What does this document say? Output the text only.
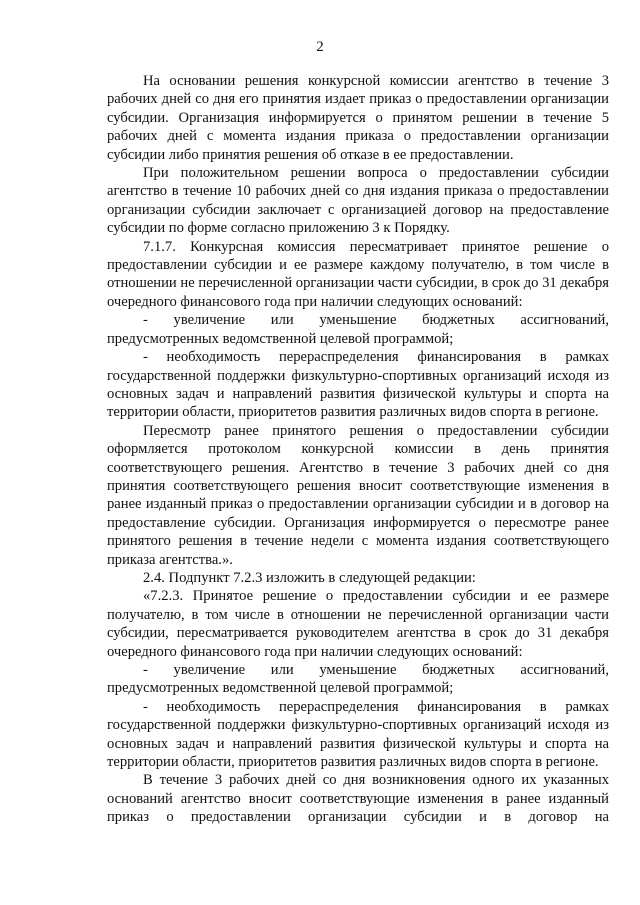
2

На основании решения конкурсной комиссии агентство в течение 3 рабочих дней со дня его принятия издает приказ о предоставлении организации субсидии. Организация информируется о принятом решении в течение 5 рабочих дней с момента издания приказа о предоставлении организации субсидии либо принятия решения об отказе в ее предоставлении.

При положительном решении вопроса о предоставлении субсидии агентство в течение 10 рабочих дней со дня издания приказа о предоставлении организации субсидии заключает с организацией договор на предоставление субсидии по форме согласно приложению 3 к Порядку.

7.1.7. Конкурсная комиссия пересматривает принятое решение о предоставлении субсидии и ее размере каждому получателю, в том числе в отношении не перечисленной организации части субсидии, в срок до 31 декабря очередного финансового года при наличии следующих оснований:

- увеличение или уменьшение бюджетных ассигнований, предусмотренных ведомственной целевой программой;

- необходимость перераспределения финансирования в рамках государственной поддержки физкультурно-спортивных организаций исходя из основных задач и направлений развития физической культуры и спорта на территории области, приоритетов развития различных видов спорта в регионе.

Пересмотр ранее принятого решения о предоставлении субсидии оформляется протоколом конкурсной комиссии в день принятия соответствующего решения. Агентство в течение 3 рабочих дней со дня принятия соответствующего решения вносит соответствующие изменения в ранее изданный приказ о предоставлении организации субсидии и в договор на предоставление субсидии. Организация информируется о пересмотре ранее принятого решения в течение недели с момента издания соответствующего приказа агентства.».

2.4. Подпункт 7.2.3 изложить в следующей редакции:

«7.2.3. Принятое решение о предоставлении субсидии и ее размере получателю, в том числе в отношении не перечисленной организации части субсидии, пересматривается руководителем агентства в срок до 31 декабря очередного финансового года при наличии следующих оснований:

- увеличение или уменьшение бюджетных ассигнований, предусмотренных ведомственной целевой программой;

- необходимость перераспределения финансирования в рамках государственной поддержки физкультурно-спортивных организаций исходя из основных задач и направлений развития физической культуры и спорта на территории области, приоритетов развития различных видов спорта в регионе.

В течение 3 рабочих дней со дня возникновения одного их указанных оснований агентство вносит соответствующие изменения в ранее изданный приказ о предоставлении организации субсидии и в договор на
